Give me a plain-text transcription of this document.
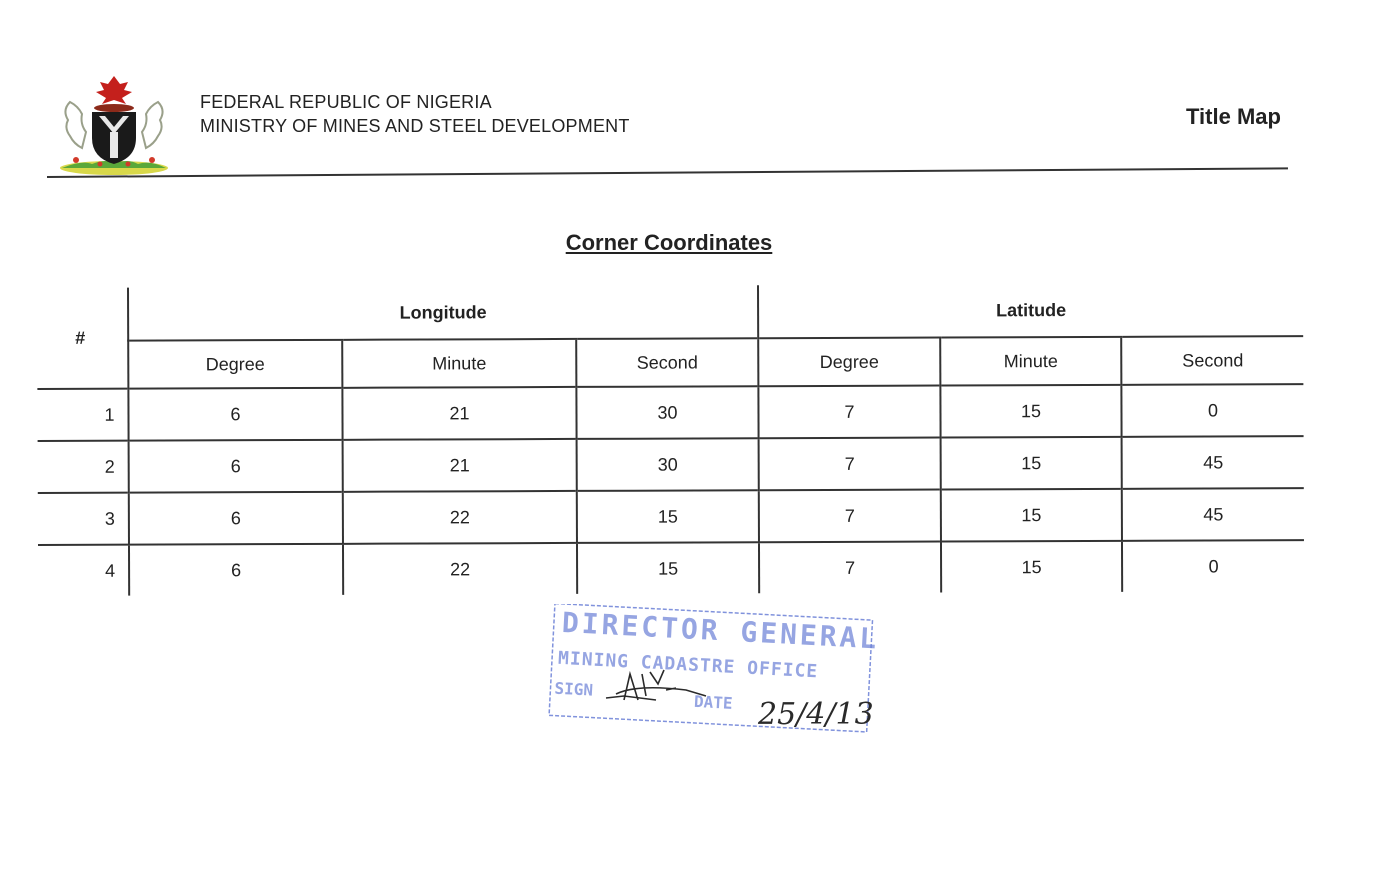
FEDERAL REPUBLIC OF NIGERIA
MINISTRY OF MINES AND STEEL DEVELOPMENT	Title Map
Corner Coordinates
#	Longitude			Latitude		
	Degree	Minute	Second	Degree	Minute	Second
1	6	21	30	7	15	0
2	6	21	30	7	15	45
3	6	22	15	7	15	45
4	6	22	15	7	15	0
DIRECTOR GENERAL
MINING CADASTRE OFFICE
SIGN
DATE 25/4/13
